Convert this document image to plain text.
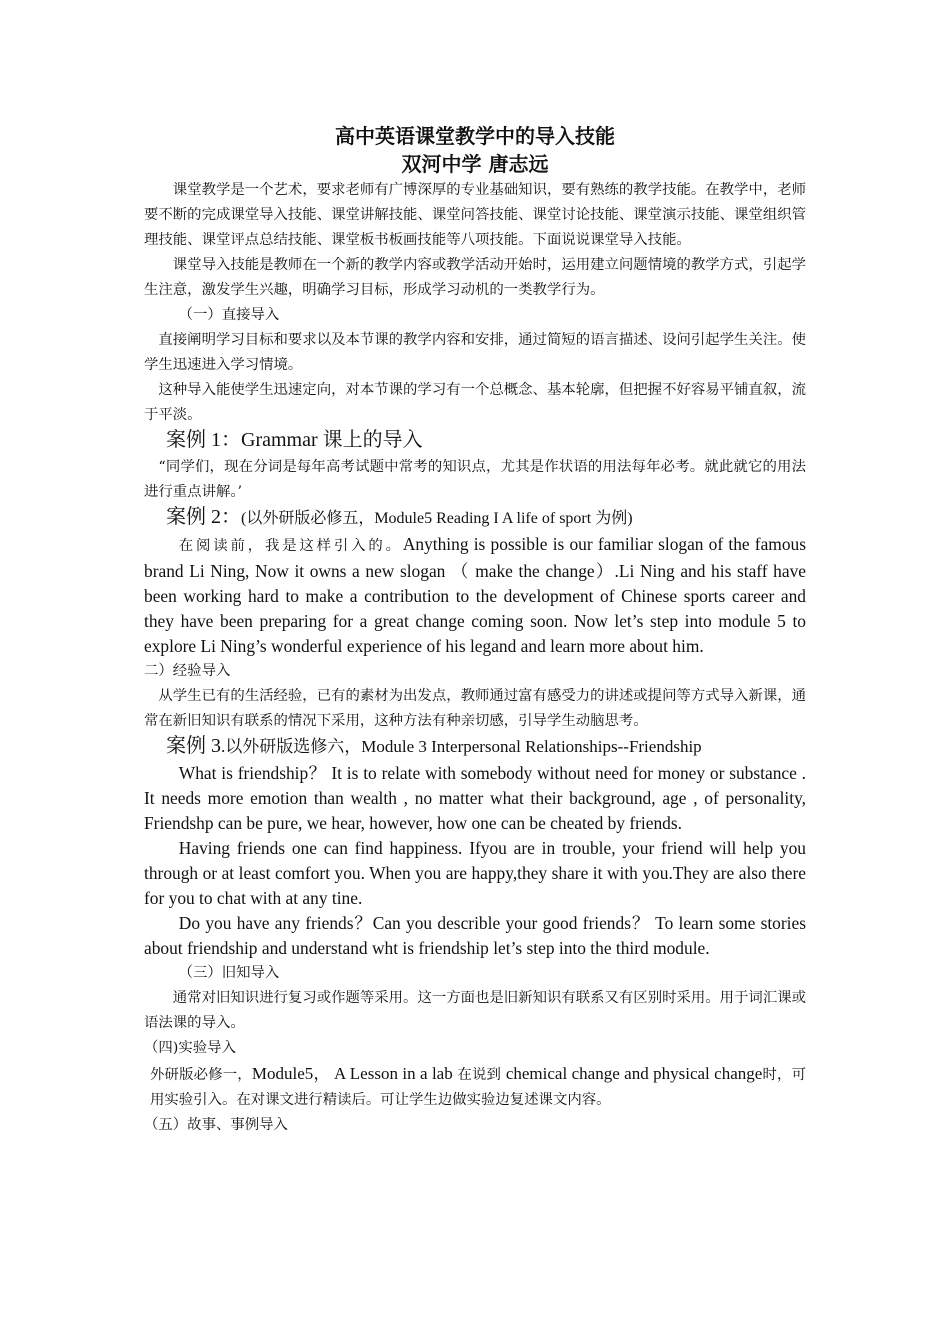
高中英语课堂教学中的导入技能
双河中学 唐志远

课堂教学是一个艺术，要求老师有广博深厚的专业基础知识，要有熟练的教学技能。在教学中，老师要不断的完成课堂导入技能、课堂讲解技能、课堂问答技能、课堂讨论技能、课堂演示技能、课堂组织管理技能、课堂评点总结技能、课堂板书板画技能等八项技能。下面说说课堂导入技能。

课堂导入技能是教师在一个新的教学内容或教学活动开始时，运用建立问题情境的教学方式，引起学生注意，激发学生兴趣，明确学习目标，形成学习动机的一类教学行为。

（一）直接导入

直接阐明学习目标和要求以及本节课的教学内容和安排，通过简短的语言描述、设问引起学生关注。使学生迅速进入学习情境。

这种导入能使学生迅速定向，对本节课的学习有一个总概念、基本轮廓，但把握不好容易平铺直叙，流于平淡。

案例 1：Grammar 课上的导入

“同学们，现在分词是每年高考试题中常考的知识点，尤其是作状语的用法每年必考。就此就它的用法进行重点讲解。’

案例 2：(以外研版必修五，Module5 Reading I A life of sport 为例)

在阅读前，我是这样引入的。Anything is possible is our familiar slogan of the famous brand Li Ning, Now it owns a new slogan （ make the change）.Li Ning and his staff have been working hard to make a contribution to the development of Chinese sports career and they have been preparing for a great change coming soon. Now let’s step into module 5 to explore Li Ning’s wonderful experience of his legand and learn more about him.

二）经验导入

从学生已有的生活经验，已有的素材为出发点，教师通过富有感受力的讲述或提问等方式导入新课，通常在新旧知识有联系的情况下采用，这种方法有种亲切感，引导学生动脑思考。

案例 3.以外研版选修六，Module 3 Interpersonal Relationships--Friendship

What is friendship？ It is to relate with somebody without need for money or substance . It needs more emotion than wealth , no matter what their background, age , of personality, Friendshp can be pure, we hear, however, how one can be cheated by friends.

Having friends one can find happiness. Ifyou are in trouble, your friend will help you through or at least comfort you. When you are happy,they share it with you.They are also there for you to chat with at any tine.

Do you have any friends？Can you describle your good friends？ To learn some stories about friendship and understand wht is friendship let’s step into the third module.

（三）旧知导入

通常对旧知识进行复习或作题等采用。这一方面也是旧新知识有联系又有区别时采用。用于词汇课或语法课的导入。

（四)实验导入

外研版必修一，Module5， A Lesson in a lab 在说到 chemical change and physical change时，可用实验引入。在对课文进行精读后。可让学生边做实验边复述课文内容。

（五）故事、事例导入
